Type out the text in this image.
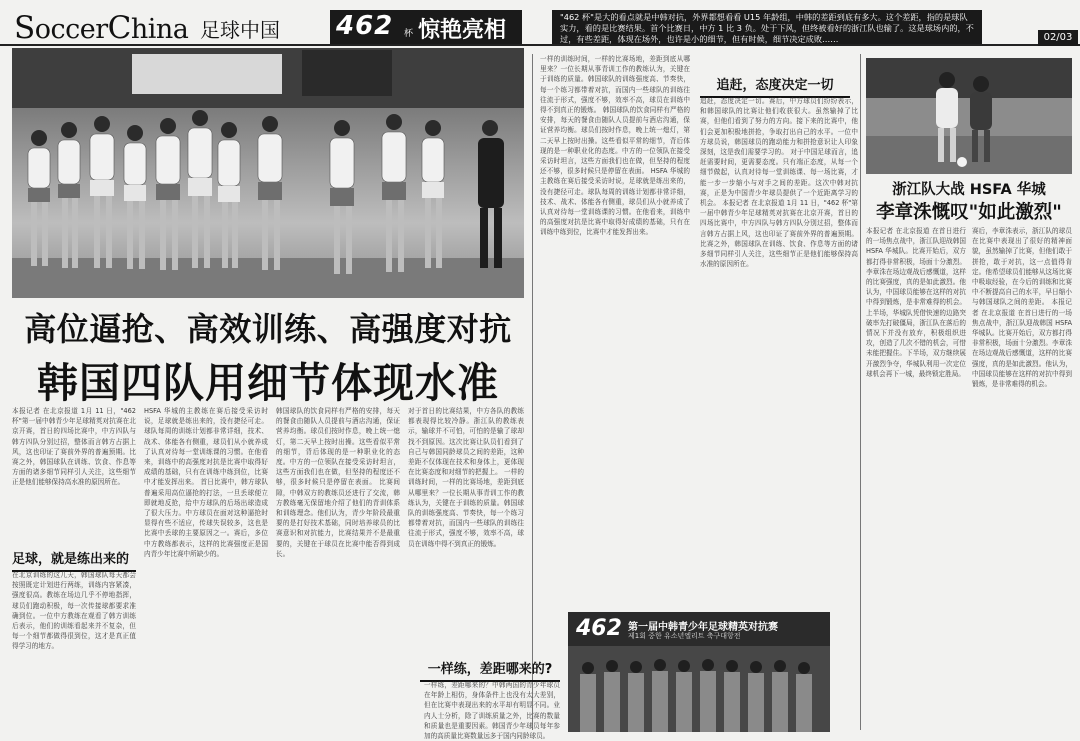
SoccerChina 足球中国 462 杯 惊艳亮相
"462 杯"是大的看点就是中韩对抗，外界都想看看 U15 年龄组，中韩的差距到底有多大。这个差距，指的是球队实力，看的是比赛结果。首个比赛日，中方 1 比 3 负。处于下风，但终被看好的浙江队也输了。这是球场内的，不过，有些差距，体现在场外，也许是小的细节，但有时候，细节决定成败……	02/03
高位逼抢、高效训练、高强度对抗
韩国四队用细节体现水准
本报记者 在北京报道 1月 11 日，"462 杯"第一届中韩青少年足球精英对抗赛在北京开赛，首日的四场比赛中，中方四队与韩方四队分别过招，整体而言韩方占据上风，这也印证了赛前外界的普遍预期。比赛之外，韩国球队在训练、饮食、作息等方面的诸多细节同样引人关注，这些细节正是他们能够保持高水准的原因所在。
足球，就是练出来的
在北京训练的这几天，韩国球队每天都会按照既定计划进行两练，训练内容紧凑，强度很高。教练在场边几乎不停地指挥，球员们跑动积极，每一次传接球都要求准确到位。一位中方教练在观看了韩方训练后表示，他们的训练看起来并不复杂，但每一个细节都做得很到位，这才是真正值得学习的地方。
HSFA 华城的主教练在赛后接受采访时说，足球就是练出来的，没有捷径可走。球队每周的训练计划都非常详细，技术、战术、体能各有侧重，球员们从小就养成了认真对待每一堂训练课的习惯。在他看来，训练中的高强度对抗是比赛中取得好成绩的基础，只有在训练中练到位，比赛中才能发挥出来。 首日比赛中，韩方球队普遍采用高位逼抢的打法，一旦丢球便立即就地反抢，给中方球队的后场出球造成了很大压力。中方球员在面对这种逼抢时显得有些不适应，传球失误较多，这也是比赛中丢球的主要原因之一。赛后，多位中方教练都表示，这样的比赛强度正是国内青少年比赛中所缺少的。
韩国球队的饮食同样有严格的安排，每天的餐食由随队人员提前与酒店沟通，保证营养均衡。球员们按时作息，晚上统一熄灯，第二天早上按时出操。这些看似平常的细节，背后体现的是一种职业化的态度。中方的一位领队在接受采访时坦言，这些方面我们也在做，但坚持的程度还不够，很多时候只是停留在表面。 比赛间隙，中韩双方的教练员还进行了交流，韩方教练毫无保留地介绍了他们的青训体系和训练理念。他们认为，青少年阶段最重要的是打好技术基础，同时培养球员的比赛意识和对抗能力，比赛结果并不是最重要的，关键在于球员在比赛中能否得到成长。
对于首日的比赛结果，中方各队的教练都表现得比较冷静。浙江队的教练表示，输球并不可怕，可怕的是输了球却找不到原因。这次比赛让队员们看到了自己与韩国同龄球员之间的差距，这种差距不仅体现在技术和身体上，更体现在比赛态度和对细节的把握上。 一样的训练时间，一样的比赛场地，差距到底从哪里来？一位长期从事青训工作的教练认为，关键在于训练的质量。韩国球队的训练强度高、节奏快，每一个练习都带着对抗，而国内一些球队的训练往往流于形式，强度不够，效率不高，球员在训练中得不到真正的锻炼。
一样的训练时间，一样的比赛场地，差距到底从哪里来？一位长期从事青训工作的教练认为，关键在于训练的质量。韩国球队的训练强度高、节奏快，每一个练习都带着对抗，而国内一些球队的训练往往流于形式，强度不够，效率不高，球员在训练中得不到真正的锻炼。 韩国球队的饮食同样有严格的安排，每天的餐食由随队人员提前与酒店沟通，保证营养均衡。球员们按时作息，晚上统一熄灯，第二天早上按时出操。这些看似平常的细节，背后体现的是一种职业化的态度。中方的一位领队在接受采访时坦言，这些方面我们也在做，但坚持的程度还不够，很多时候只是停留在表面。 HSFA 华城的主教练在赛后接受采访时说，足球就是练出来的，没有捷径可走。球队每周的训练计划都非常详细，技术、战术、体能各有侧重，球员们从小就养成了认真对待每一堂训练课的习惯。在他看来，训练中的高强度对抗是比赛中取得好成绩的基础，只有在训练中练到位，比赛中才能发挥出来。
追赶，态度决定一切
追赶，态度决定一切。赛后，中方球员们纷纷表示，和韩国球队的比赛让他们收获很大。虽然输掉了比赛，但他们看到了努力的方向。接下来的比赛中，他们会更加积极地拼抢，争取打出自己的水平。一位中方球员说，韩国球员的跑动能力和拼抢意识让人印象深刻，这是我们需要学习的。 对于中国足球而言，追赶需要时间，更需要态度。只有端正态度，从每一个细节做起，认真对待每一堂训练课、每一场比赛，才能一步一步缩小与对手之间的差距。这次中韩对抗赛，正是为中国青少年球员提供了一个近距离学习的机会。 本报记者 在北京报道 1月 11 日，"462 杯"第一届中韩青少年足球精英对抗赛在北京开赛，首日的四场比赛中，中方四队与韩方四队分别过招，整体而言韩方占据上风，这也印证了赛前外界的普遍预期。比赛之外，韩国球队在训练、饮食、作息等方面的诸多细节同样引人关注，这些细节正是他们能够保持高水准的原因所在。
一样练，差距哪来的?
一样练，差距哪来的？中韩两国的青少年球员在年龄上相仿，身体条件上也没有太大差别，但在比赛中表现出来的水平却有明显不同。业内人士分析，除了训练质量之外，比赛的数量和质量也是重要因素。韩国青少年球员每年参加的高质量比赛数量远多于国内同龄球员。
462 第一届中韩青少年足球精英对抗赛
제1회 중한 유소년엘리트 축구대항전
浙江队大战 HSFA 华城
李章洙慨叹"如此激烈"
本报记者 在北京报道 在首日进行的一场焦点战中，浙江队迎战韩国 HSFA 华城队。比赛开始后，双方都打得非常积极，场面十分激烈。李章洙在场边观战后感慨道，这样的比赛强度，真的是如此激烈。他认为，中国球员能够在这样的对抗中得到锻炼，是非常难得的机会。 上半场，华城队凭借快速的边路突破率先打破僵局，浙江队在落后的情况下并没有放弃，积极组织进攻，创造了几次不错的机会，可惜未能把握住。下半场，双方继续展开激烈争夺，华城队利用一次定位球机会再下一城，最终锁定胜局。
赛后，李章洙表示，浙江队的球员在比赛中表现出了很好的精神面貌，虽然输掉了比赛，但他们敢于拼抢，敢于对抗，这一点值得肯定。他希望球员们能够从这场比赛中吸取经验，在今后的训练和比赛中不断提高自己的水平，早日缩小与韩国球队之间的差距。 本报记者 在北京报道 在首日进行的一场焦点战中，浙江队迎战韩国 HSFA 华城队。比赛开始后，双方都打得非常积极，场面十分激烈。李章洙在场边观战后感慨道，这样的比赛强度，真的是如此激烈。他认为，中国球员能够在这样的对抗中得到锻炼，是非常难得的机会。
